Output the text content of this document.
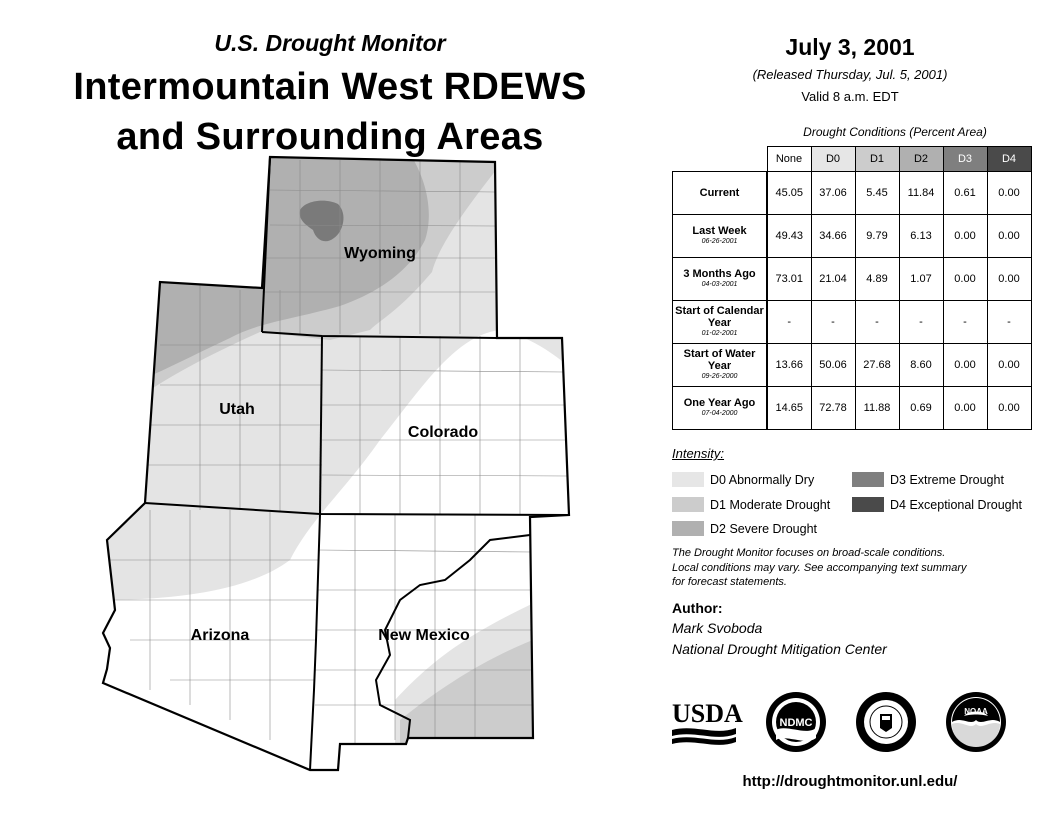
U.S. Drought Monitor
Intermountain West RDEWS
and Surrounding Areas
Wyoming
Utah
Colorado
Arizona	New Mexico
July 3, 2001
(Released Thursday, Jul. 5, 2001)
Valid 8 a.m. EDT
Drought Conditions (Percent Area)
	None	D0	D1	D2	D3	D4
Current	45.05	37.06	5.45	11.84	0.61	0.00
Last Week
06-26-2001	49.43	34.66	9.79	6.13	0.00	0.00
3 Months Ago
04-03-2001	73.01	21.04	4.89	1.07	0.00	0.00
Start of Calendar Year
01-02-2001	-	-	-	-	-	-
Start of Water Year
09-26-2000	13.66	50.06	27.68	8.60	0.00	0.00
One Year Ago
07-04-2000	14.65	72.78	11.88	0.69	0.00	0.00
Intensity:
D0 Abnormally Dry
D1 Moderate Drought
D2 Severe Drought
D3 Extreme Drought
D4 Exceptional Drought
The Drought Monitor focuses on broad-scale conditions.
Local conditions may vary. See accompanying text summary
for forecast statements.
Author:
Mark Svoboda
National Drought Mitigation Center
USDA	NDMC
NOAA
http://droughtmonitor.unl.edu/
